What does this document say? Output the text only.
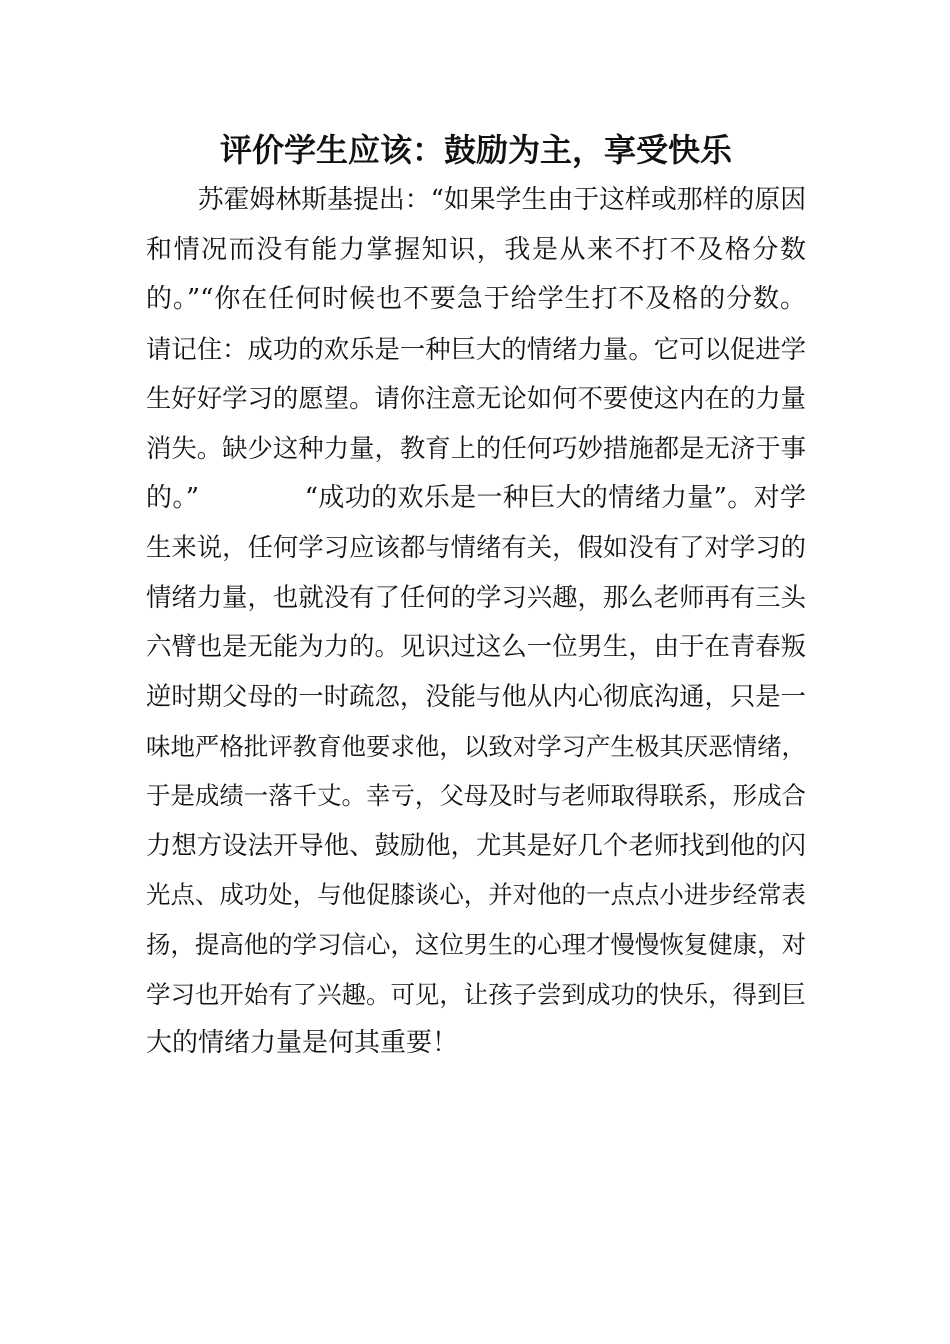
评价学生应该：鼓励为主，享受快乐
　　苏霍姆林斯基提出：“如果学生由于这样或那样的原因
和情况而没有能力掌握知识，我是从来不打不及格分数
的。”“你在任何时候也不要急于给学生打不及格的分数。
请记住：成功的欢乐是一种巨大的情绪力量。它可以促进学
生好好学习的愿望。请你注意无论如何不要使这内在的力量
消失。缺少这种力量，教育上的任何巧妙措施都是无济于事
的。”　　　　“成功的欢乐是一种巨大的情绪力量”。对学
生来说，任何学习应该都与情绪有关，假如没有了对学习的
情绪力量，也就没有了任何的学习兴趣，那么老师再有三头
六臂也是无能为力的。见识过这么一位男生，由于在青春叛
逆时期父母的一时疏忽，没能与他从内心彻底沟通，只是一
味地严格批评教育他要求他，以致对学习产生极其厌恶情绪，
于是成绩一落千丈。幸亏，父母及时与老师取得联系，形成合
力想方设法开导他、鼓励他，尤其是好几个老师找到他的闪
光点、成功处，与他促膝谈心，并对他的一点点小进步经常表
扬，提高他的学习信心，这位男生的心理才慢慢恢复健康，对
学习也开始有了兴趣。可见，让孩子尝到成功的快乐，得到巨
大的情绪力量是何其重要！
